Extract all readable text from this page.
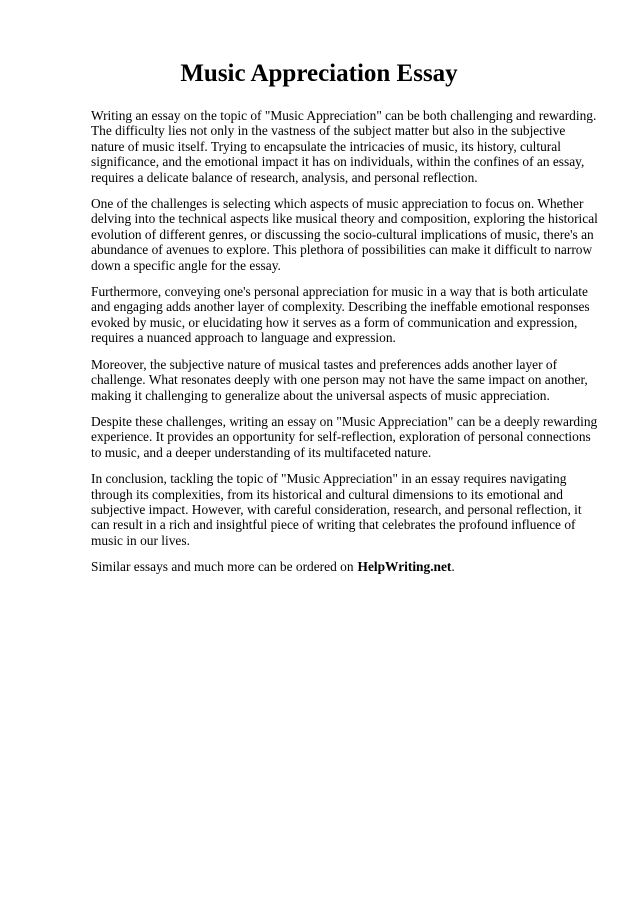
Music Appreciation Essay

Writing an essay on the topic of "Music Appreciation" can be both challenging and rewarding. The difficulty lies not only in the vastness of the subject matter but also in the subjective nature of music itself. Trying to encapsulate the intricacies of music, its history, cultural significance, and the emotional impact it has on individuals, within the confines of an essay, requires a delicate balance of research, analysis, and personal reflection.

One of the challenges is selecting which aspects of music appreciation to focus on. Whether delving into the technical aspects like musical theory and composition, exploring the historical evolution of different genres, or discussing the socio-cultural implications of music, there's an abundance of avenues to explore. This plethora of possibilities can make it difficult to narrow down a specific angle for the essay.

Furthermore, conveying one's personal appreciation for music in a way that is both articulate and engaging adds another layer of complexity. Describing the ineffable emotional responses evoked by music, or elucidating how it serves as a form of communication and expression, requires a nuanced approach to language and expression.

Moreover, the subjective nature of musical tastes and preferences adds another layer of challenge. What resonates deeply with one person may not have the same impact on another, making it challenging to generalize about the universal aspects of music appreciation.

Despite these challenges, writing an essay on "Music Appreciation" can be a deeply rewarding experience. It provides an opportunity for self-reflection, exploration of personal connections to music, and a deeper understanding of its multifaceted nature.

In conclusion, tackling the topic of "Music Appreciation" in an essay requires navigating through its complexities, from its historical and cultural dimensions to its emotional and subjective impact. However, with careful consideration, research, and personal reflection, it can result in a rich and insightful piece of writing that celebrates the profound influence of music in our lives.

Similar essays and much more can be ordered on HelpWriting.net.
